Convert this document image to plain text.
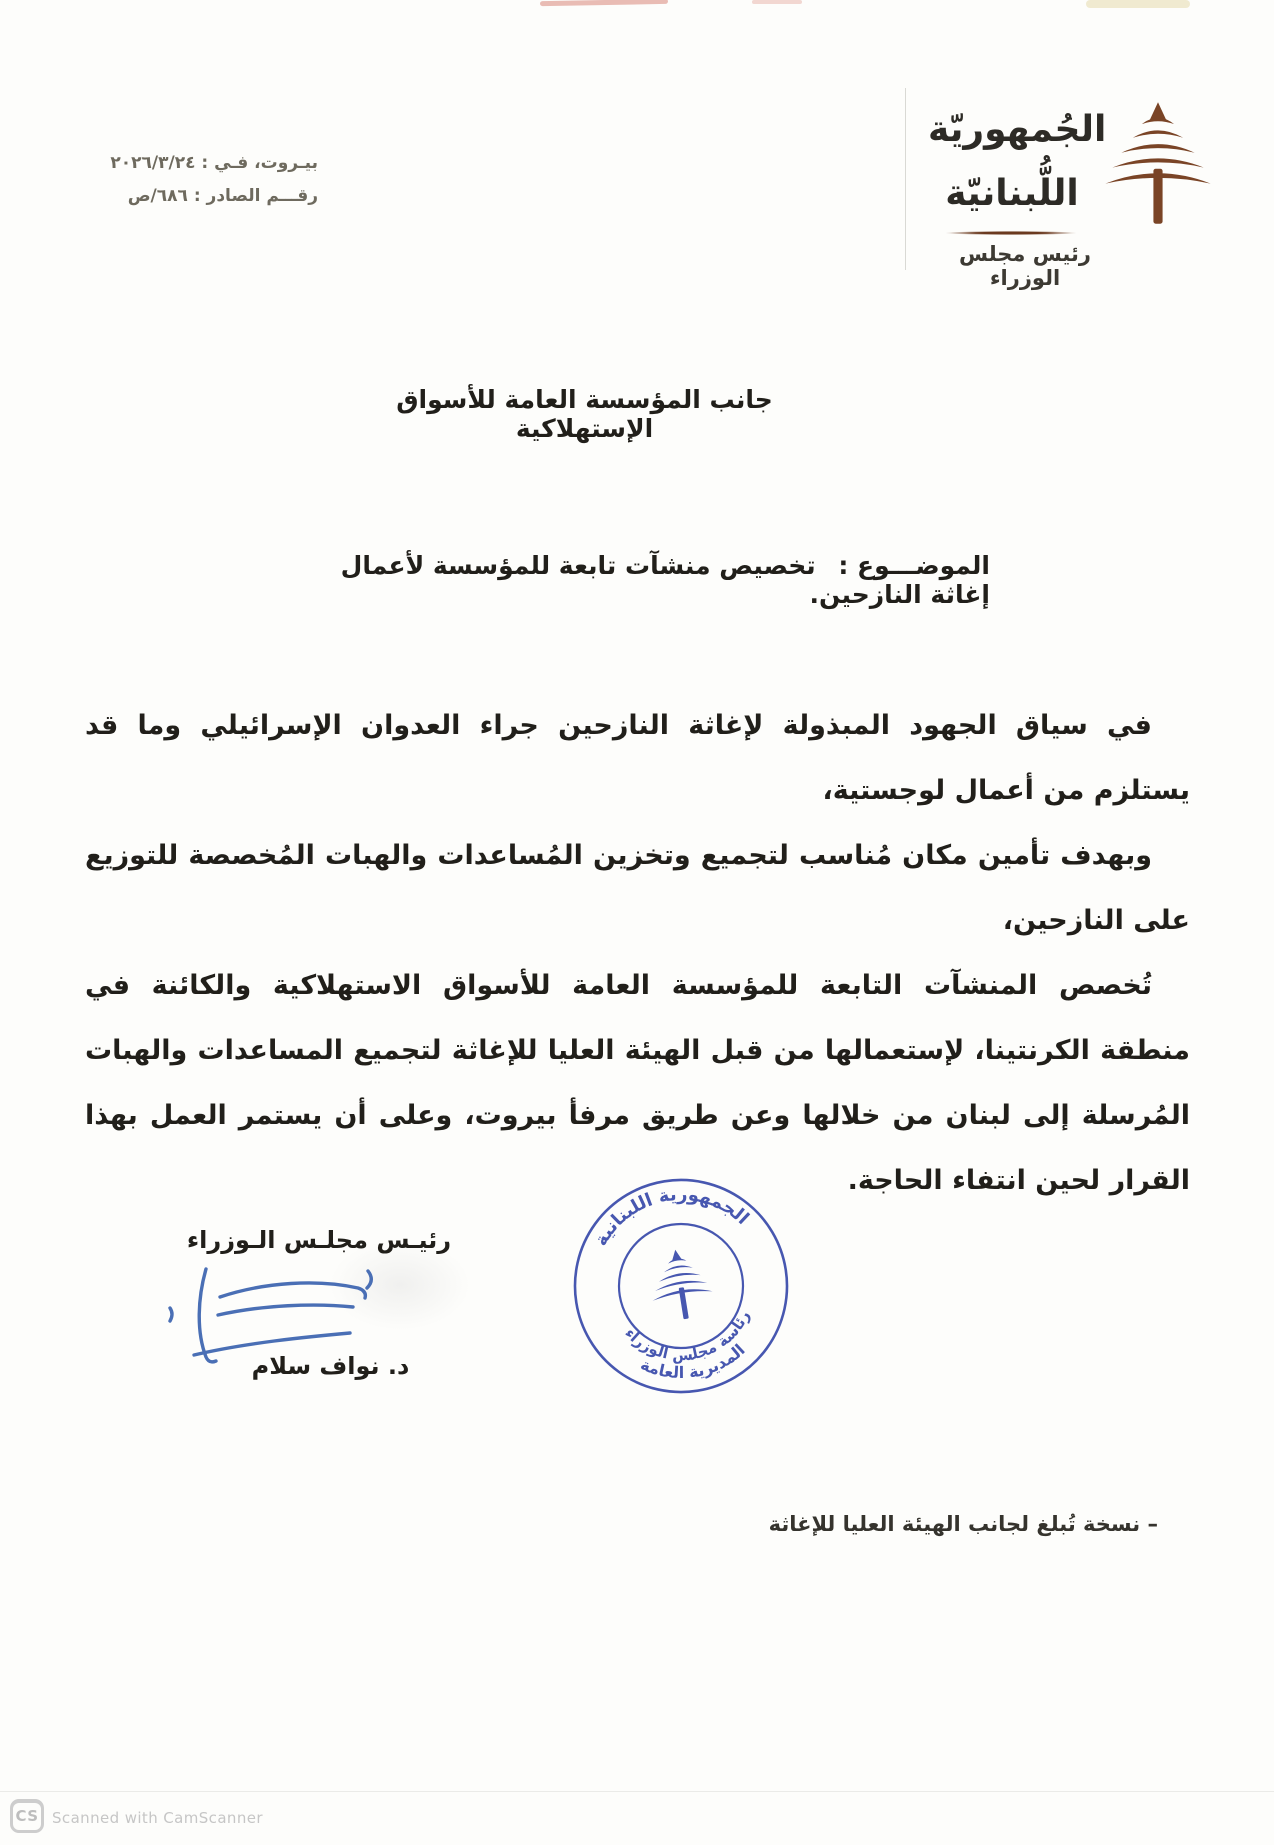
الجُمهوريّة
اللُّبنانيّة
رئيس مجلس الوزراء
بيـروت، فـي : ٢٠٢٦/٣/٢٤
رقـــم الصادر : ٦٨٦/ص
جانب المؤسسة العامة للأسواق الإستهلاكية
الموضـــوع : تخصيص منشآت تابعة للمؤسسة لأعمال إغاثة النازحين.

في سياق الجهود المبذولة لإغاثة النازحين جراء العدوان الإسرائيلي وما قد يستلزم من أعمال لوجستية،

وبهدف تأمين مكان مُناسب لتجميع وتخزين المُساعدات والهبات المُخصصة للتوزيع على النازحين،

تُخصص المنشآت التابعة للمؤسسة العامة للأسواق الاستهلاكية والكائنة في منطقة الكرنتينا، لإستعمالها من قبل الهيئة العليا للإغاثة لتجميع المساعدات والهبات المُرسلة إلى لبنان من خلالها وعن طريق مرفأ بيروت، وعلى أن يستمر العمل بهذا القرار لحين انتفاء الحاجة.

رئيـس مجلـس الـوزراء
د. نواف سلام
الجمهورية اللبنانية
رئاسة مجلس الوزراء
المديرية العامة
– نسخة تُبلغ لجانب الهيئة العليا للإغاثة
CS Scanned with CamScanner
